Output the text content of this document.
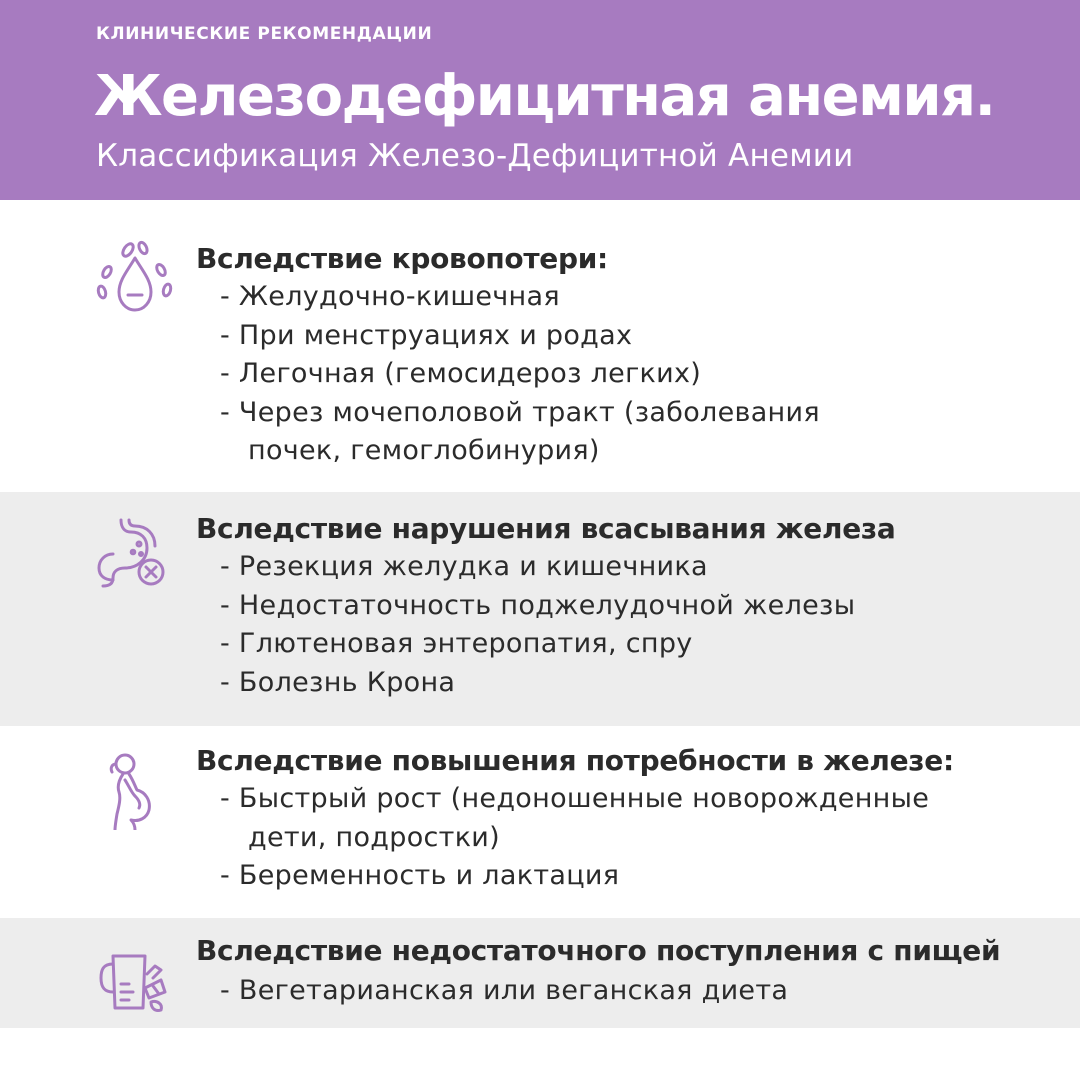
КЛИНИЧЕСКИЕ РЕКОМЕНДАЦИИ
Железодефицитная анемия.
Классификация Железо-Дефицитной Анемии
Вследствие кровопотери:
- Желудочно-кишечная
- При менструациях и родах
- Легочная (гемосидероз легких)
- Через мочеполовой тракт (заболевания
почек, гемоглобинурия)
Вследствие нарушения всасывания железа
- Резекция желудка и кишечника
- Недостаточность поджелудочной железы
- Глютеновая энтеропатия, спру
- Болезнь Крона
Вследствие повышения потребности в железе:
- Быстрый рост (недоношенные новорожденные
дети, подростки)
- Беременность и лактация
Вследствие недостаточного поступления с пищей
- Вегетарианская или веганская диета
